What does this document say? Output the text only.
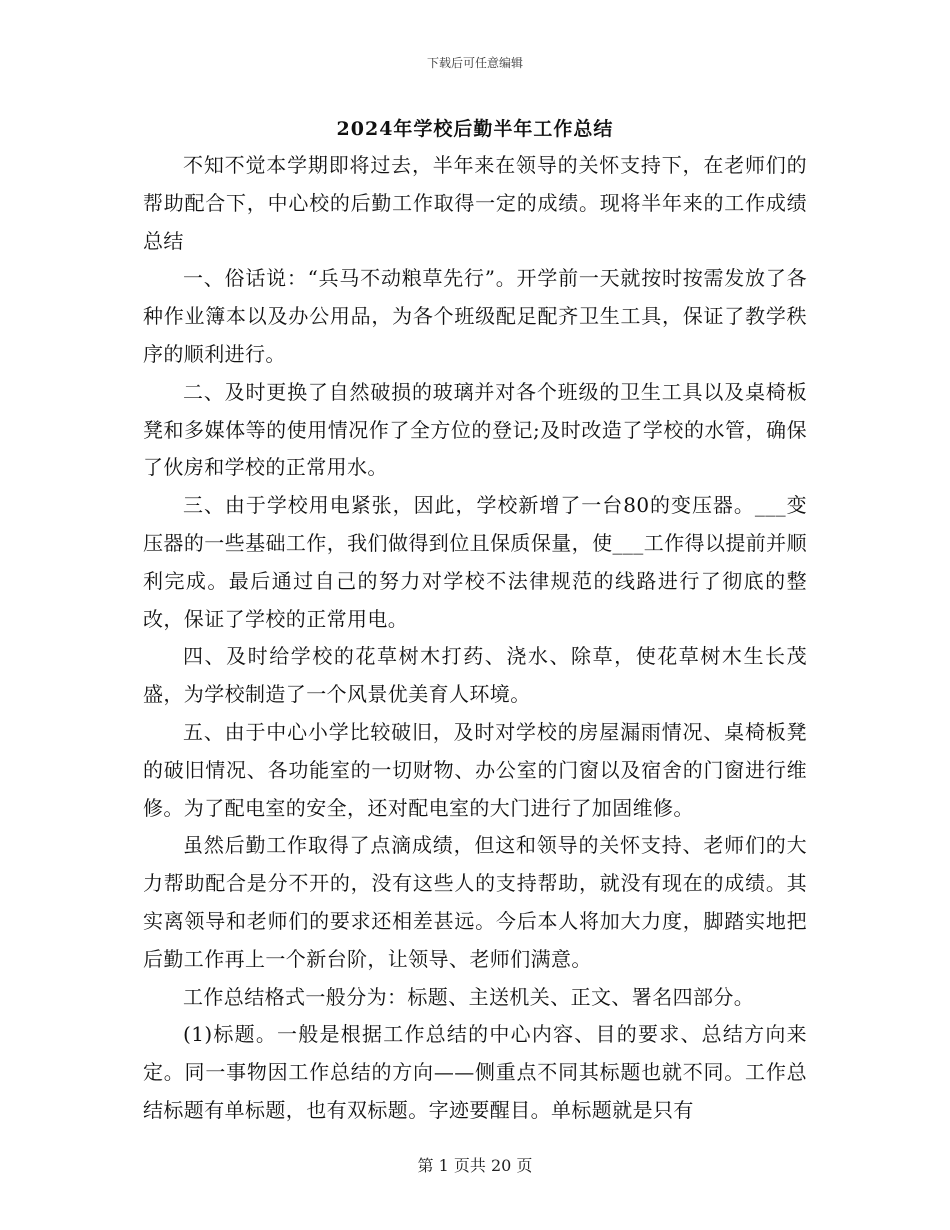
下载后可任意编辑
2024年学校后勤半年工作总结

不知不觉本学期即将过去，半年来在领导的关怀支持下，在老师们的帮助配合下，中心校的后勤工作取得一定的成绩。现将半年来的工作成绩总结

一、俗话说：“兵马不动粮草先行”。开学前一天就按时按需发放了各种作业簿本以及办公用品，为各个班级配足配齐卫生工具，保证了教学秩序的顺利进行。

二、及时更换了自然破损的玻璃并对各个班级的卫生工具以及桌椅板凳和多媒体等的使用情况作了全方位的登记;及时改造了学校的水管，确保了伙房和学校的正常用水。

三、由于学校用电紧张，因此，学校新增了一台80的变压器。___变压器的一些基础工作，我们做得到位且保质保量，使___工作得以提前并顺利完成。最后通过自己的努力对学校不法律规范的线路进行了彻底的整改，保证了学校的正常用电。

四、及时给学校的花草树木打药、浇水、除草，使花草树木生长茂盛，为学校制造了一个风景优美育人环境。

五、由于中心小学比较破旧，及时对学校的房屋漏雨情况、桌椅板凳的破旧情况、各功能室的一切财物、办公室的门窗以及宿舍的门窗进行维修。为了配电室的安全，还对配电室的大门进行了加固维修。

虽然后勤工作取得了点滴成绩，但这和领导的关怀支持、老师们的大力帮助配合是分不开的，没有这些人的支持帮助，就没有现在的成绩。其实离领导和老师们的要求还相差甚远。今后本人将加大力度，脚踏实地把后勤工作再上一个新台阶，让领导、老师们满意。

工作总结格式一般分为：标题、主送机关、正文、署名四部分。

(1)标题。一般是根据工作总结的中心内容、目的要求、总结方向来定。同一事物因工作总结的方向——侧重点不同其标题也就不同。工作总结标题有单标题，也有双标题。字迹要醒目。单标题就是只有

第 1 页共 20 页
